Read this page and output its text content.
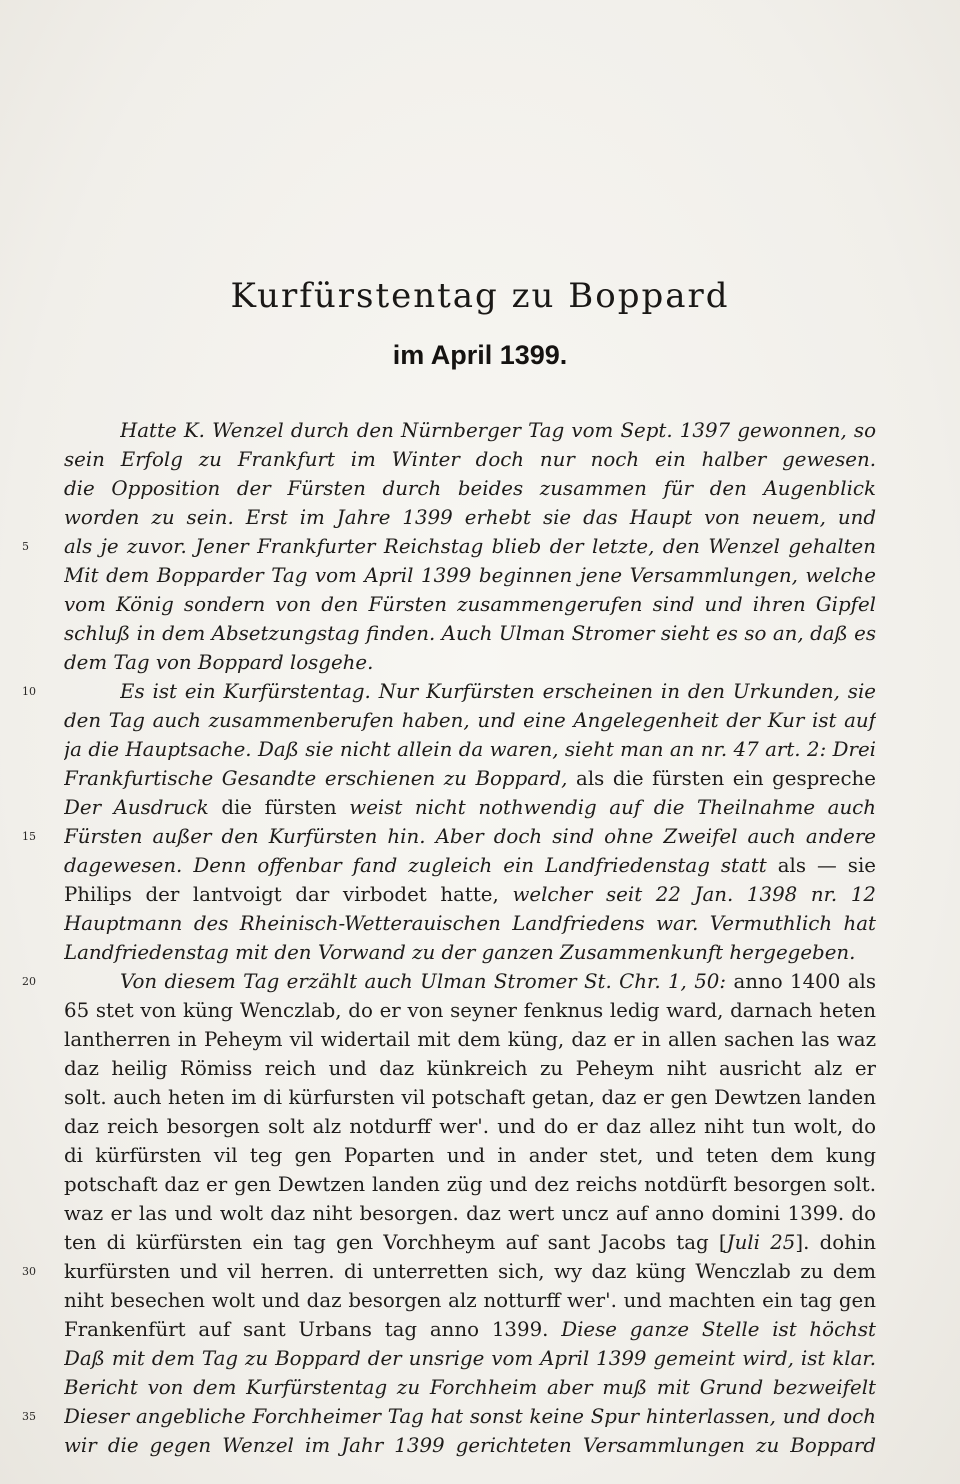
Kurfürstentag zu Boppard
im April 1399.
Hatte K. Wenzel durch den Nürnberger Tag vom Sept. 1397 gewonnen, so
sein Erfolg zu Frankfurt im Winter doch nur noch ein halber gewesen.
die Opposition der Fürsten durch beides zusammen für den Augenblick
worden zu sein. Erst im Jahre 1399 erhebt sie das Haupt von neuem, und
5	als je zuvor. Jener Frankfurter Reichstag blieb der letzte, den Wenzel gehalten
Mit dem Bopparder Tag vom April 1399 beginnen jene Versammlungen, welche
vom König sondern von den Fürsten zusammengerufen sind und ihren Gipfel
schluß in dem Absetzungstag finden. Auch Ulman Stromer sieht es so an, daß es
dem Tag von Boppard losgehe.
10	Es ist ein Kurfürstentag. Nur Kurfürsten erscheinen in den Urkunden, sie
den Tag auch zusammenberufen haben, und eine Angelegenheit der Kur ist auf
ja die Hauptsache. Daß sie nicht allein da waren, sieht man an nr. 47 art. 2: Drei
Frankfurtische Gesandte erschienen zu Boppard, als die fürsten ein gespreche
Der Ausdruck die fürsten weist nicht nothwendig auf die Theilnahme auch
15	Fürsten außer den Kurfürsten hin. Aber doch sind ohne Zweifel auch andere
dagewesen. Denn offenbar fand zugleich ein Landfriedenstag statt als — sie
Philips der lantvoigt dar virbodet hatte, welcher seit 22 Jan. 1398 nr. 12
Hauptmann des Rheinisch-Wetterauischen Landfriedens war. Vermuthlich hat
Landfriedenstag mit den Vorwand zu der ganzen Zusammenkunft hergegeben.
20	Von diesem Tag erzählt auch Ulman Stromer St. Chr. 1, 50: anno 1400 als
65 stet von küng Wenczlab, do er von seyner fenknus ledig ward, darnach heten
lantherren in Peheym vil widertail mit dem küng, daz er in allen sachen las waz
daz heilig Römiss reich und daz künkreich zu Peheym niht ausricht alz er
solt. auch heten im di kürfursten vil potschaft getan, daz er gen Dewtzen landen
daz reich besorgen solt alz notdurff wer'. und do er daz allez niht tun wolt, do
di kürfürsten vil teg gen Poparten und in ander stet, und teten dem kung
potschaft daz er gen Dewtzen landen züg und dez reichs notdürft besorgen solt.
waz er las und wolt daz niht besorgen. daz wert uncz auf anno domini 1399. do
ten di kürfürsten ein tag gen Vorchheym auf sant Jacobs tag [Juli 25]. dohin
30	kurfürsten und vil herren. di unterretten sich, wy daz küng Wenczlab zu dem
niht besechen wolt und daz besorgen alz notturff wer'. und machten ein tag gen
Frankenfürt auf sant Urbans tag anno 1399. Diese ganze Stelle ist höchst
Daß mit dem Tag zu Boppard der unsrige vom April 1399 gemeint wird, ist klar.
Bericht von dem Kurfürstentag zu Forchheim aber muß mit Grund bezweifelt
35	Dieser angebliche Forchheimer Tag hat sonst keine Spur hinterlassen, und doch
wir die gegen Wenzel im Jahr 1399 gerichteten Versammlungen zu Boppard
